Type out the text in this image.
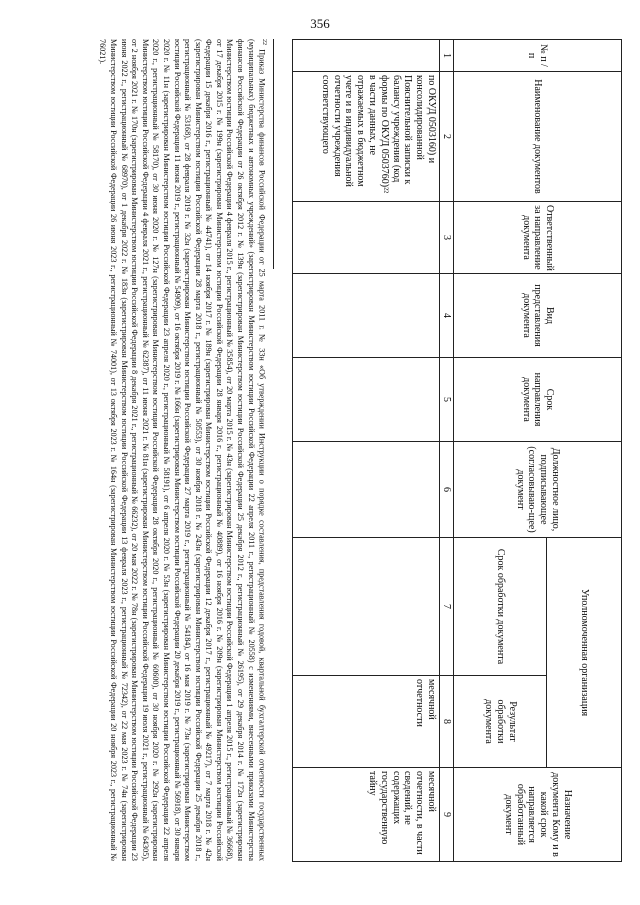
356
№ п / п	Наименование документов	Ответственный за направление документа	Вид представления документа	Срок направления документа	Должностное лицо, подписывающее (согласовываю-щее) документ	Уполномоченная организация		Назначение документа Кому и в какой срок направляется обработанный документ
						Срок обработки документа	Результат обработки документа	
1	2	3	4	5	6	7	8	9
	по ОКУД 0503160) и консолидированной Пояснительной записки к балансу учреждения (код формы по ОКУД 0503760)²² в части данных, не отражаемых в бюджетном учете и в индивидуальной отчетности учреждения соответствующего						месячной отчетности	месячной отчетности, в части сведений, не содержащих государственную тайну
$^{22}$ Приказ Министерства финансов Российской Федерации от 25 марта 2011 г. № 33н «Об утверждении Инструкции о порядке составления, представления годовой, квартальной бухгалтерской отчетности государственных (муниципальных) бюджетных и автономных учреждений» (зарегистрирован Министерством юстиции Российской Федерации 22 апреля 2011 г., регистрационный № 20558) с изменениями, внесенными приказами Министерства финансов Российской Федерации от 26 октября 2012 г. № 139н (зарегистрирован Министерством юстиции Российской Федерации 25 декабря 2012 г., регистрационный № 26195), от 29 декабря 2014 г. № 172н (зарегистрирован Министерством юстиции Российской Федерации 4 февраля 2015 г., регистрационный № 35854), от 20 марта 2015 г. № 43н (зарегистрирован Министерством юстиции Российской Федерации 1 апреля 2015 г., регистрационный № 36668), от 17 декабря 2015 г. № 199н (зарегистрирован Министерством юстиции Российской Федерации 28 января 2016 г., регистрационный № 40889), от 16 ноября 2016 г. № 209н (зарегистрирован Министерством юстиции Российской Федерации 15 декабря 2016 г., регистрационный № 44741), от 14 ноября 2017 г. № 189н (зарегистрирован Министерством юстиции Российской Федерации 12 декабря 2017 г., регистрационный № 49217), от 7 марта 2018 г. № 42н (зарегистрирован Министерством юстиции Российской Федерации 28 марта 2018 г., регистрационный № 50553), от 30 ноября 2018 г. № 243н (зарегистрирован Министерством юстиции Российской Федерации 25 декабря 2018 г., регистрационный № 53168), от 28 февраля 2019 г. № 32н (зарегистрирован Министерством юстиции Российской Федерации 27 марта 2019 г., регистрационный № 54184), от 16 мая 2019 г. № 73н (зарегистрирован Министерством юстиции Российской Федерации 11 июня 2019 г., регистрационный № 54909), от 16 октября 2019 г. № 166н (зарегистрирован Министерством юстиции Российской Федерации 20 декабря 2019 г., регистрационный № 56918), от 30 января 2020 г. № 11н (зарегистрирован Министерством юстиции Российской Федерации 23 апреля 2020 г., регистрационный № 58191), от 6 апреля 2020 г. № 53н (зарегистрирован Министерством юстиции Российской Федерации 22 апреля 2020 г., регистрационный № 58170), от 30 июня 2020 г. № 127н (зарегистрирован Министерством юстиции Российской Федерации 28 октября 2020 г., регистрационный № 60600), от 30 ноября 2020 г. № 292н (зарегистрирован Министерством юстиции Российской Федерации 4 февраля 2021 г., регистрационный № 62387), от 11 июня 2021 г. № 81н (зарегистрирован Министерством юстиции Российской Федерации 19 июля 2021 г., регистрационный № 64305), от 2 ноября 2021 г. № 170н (зарегистрирован Министерством юстиции Российской Федерации 8 декабря 2021 г., регистрационный № 66232), от 20 мая 2022 г. № 78н (зарегистрирован Министерством юстиции Российской Федерации 23 июня 2022 г., регистрационный № 68970), от 1 декабря 2022 г. № 183н (зарегистрирован Министерством юстиции Российской Федерации 13 февраля 2023 г., регистрационный № 72342), от 22 мая 2023 г. № 74н (зарегистрирован Министерством юстиции Российской Федерации 26 июня 2023 г., регистрационный № 74001), от 13 октября 2023 г. № 164н (зарегистрирован Министерством юстиции Российской Федерации 20 ноября 2023 г., регистрационный № 76021).
